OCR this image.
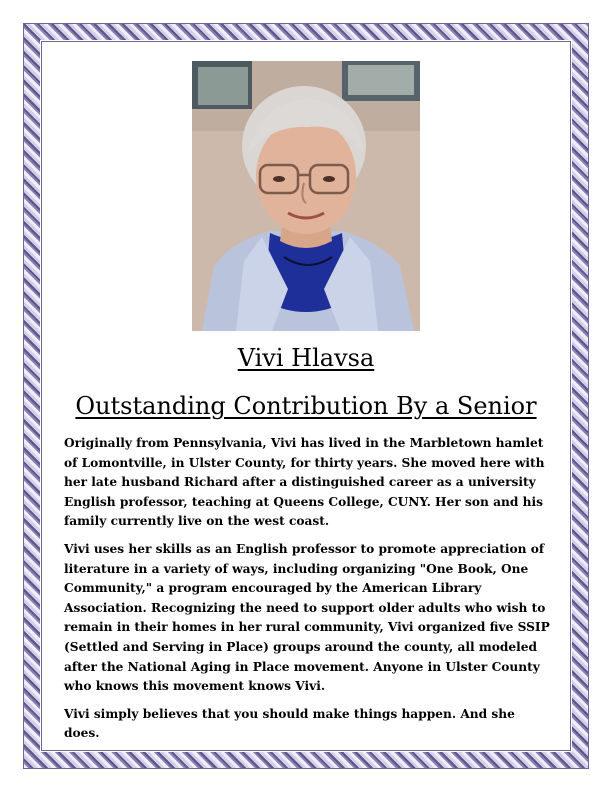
Vivi Hlavsa
Outstanding Contribution By a Senior

Originally from Pennsylvania, Vivi has lived in the Marbletown hamlet of Lomontville, in Ulster County, for thirty years. She moved here with her late husband Richard after a distinguished career as a university English professor, teaching at Queens College, CUNY. Her son and his family currently live on the west coast.

Vivi uses her skills as an English professor to promote appreciation of literature in a variety of ways, including organizing "One Book, One Community," a program encouraged by the American Library Association. Recognizing the need to support older adults who wish to remain in their homes in her rural community, Vivi organized five SSIP (Settled and Serving in Place) groups around the county, all modeled after the National Aging in Place movement. Anyone in Ulster County who knows this movement knows Vivi.

Vivi simply believes that you should make things happen. And she does.
